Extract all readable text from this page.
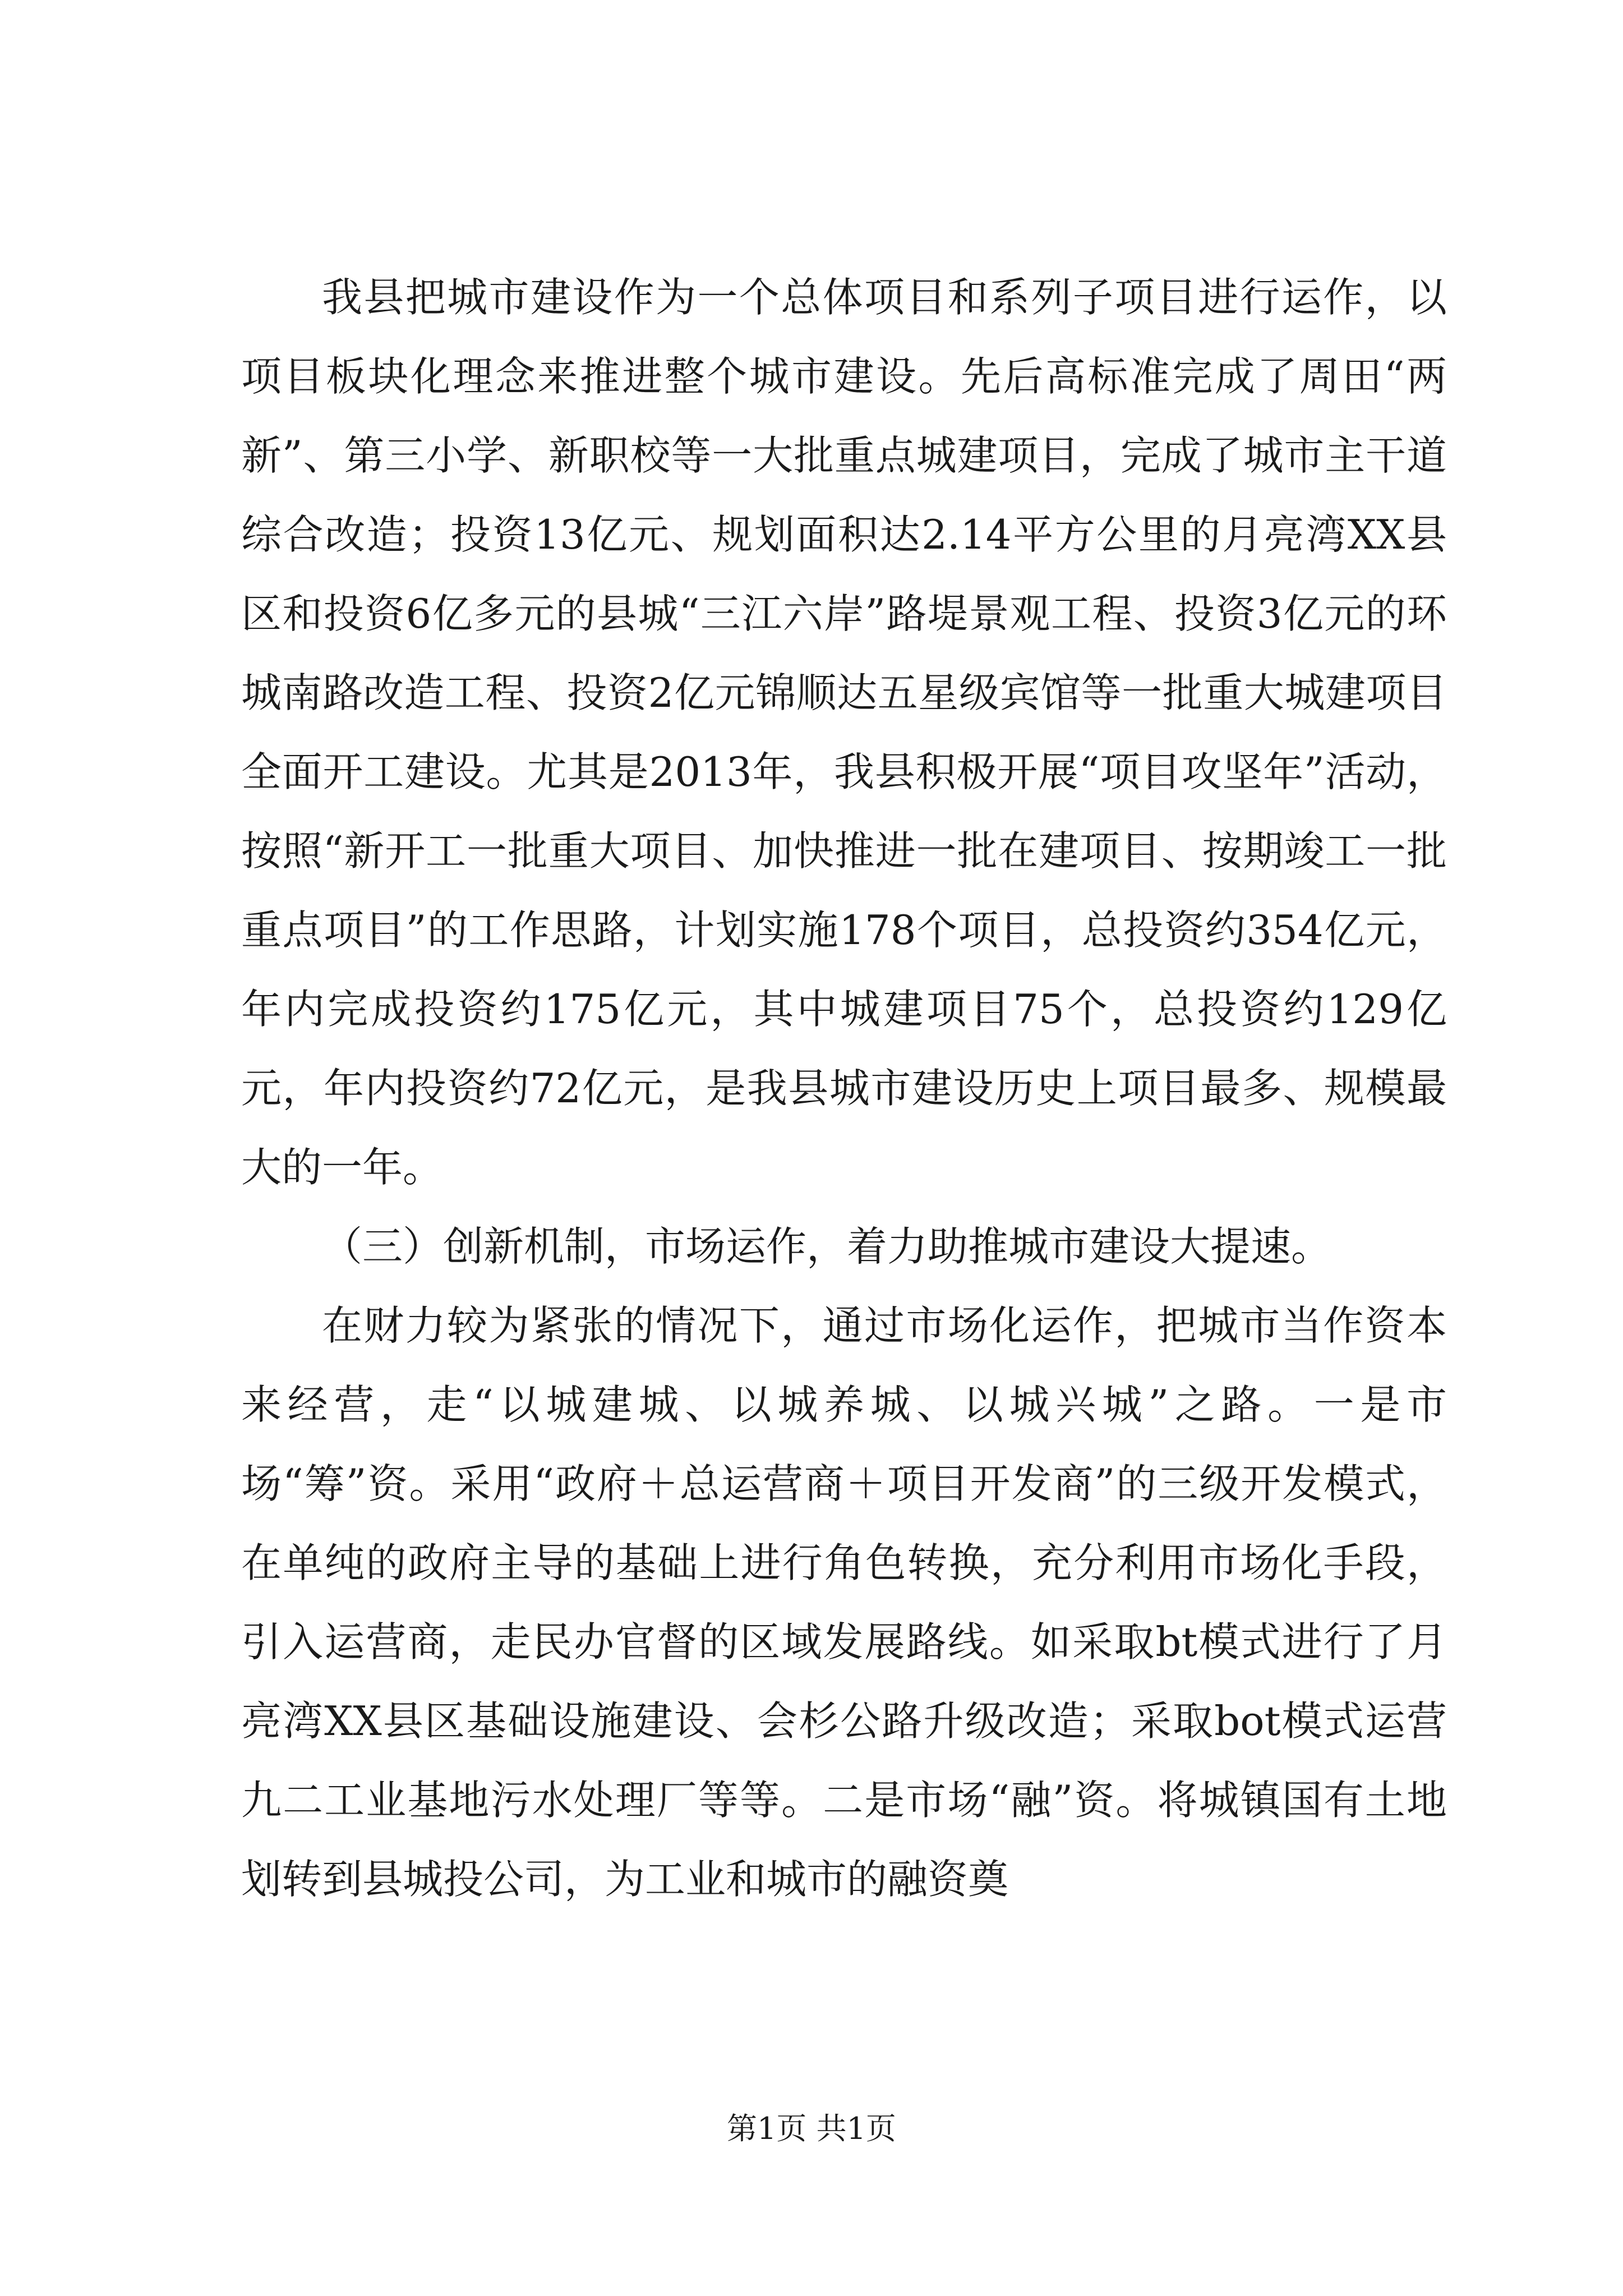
我县把城市建设作为一个总体项目和系列子项目进行运作，以项目板块化理念来推进整个城市建设。先后高标准完成了周田“两新”、第三小学、新职校等一大批重点城建项目，完成了城市主干道综合改造；投资13亿元、规划面积达2.14平方公里的月亮湾XX县区和投资6亿多元的县城“三江六岸”路堤景观工程、投资3亿元的环城南路改造工程、投资2亿元锦顺达五星级宾馆等一批重大城建项目全面开工建设。尤其是2013年，我县积极开展“项目攻坚年”活动，按照“新开工一批重大项目、加快推进一批在建项目、按期竣工一批重点项目”的工作思路，计划实施178个项目，总投资约354亿元，年内完成投资约175亿元，其中城建项目75个，总投资约129亿元，年内投资约72亿元，是我县城市建设历史上项目最多、规模最大的一年。

（三）创新机制，市场运作，着力助推城市建设大提速。

在财力较为紧张的情况下，通过市场化运作，把城市当作资本来经营，走“以城建城、以城养城、以城兴城”之路。一是市场“筹”资。采用“政府＋总运营商＋项目开发商”的三级开发模式，在单纯的政府主导的基础上进行角色转换，充分利用市场化手段，引入运营商，走民办官督的区域发展路线。如采取bt模式进行了月亮湾XX县区基础设施建设、会杉公路升级改造；采取bot模式运营九二工业基地污水处理厂等等。二是市场“融”资。将城镇国有土地划转到县城投公司，为工业和城市的融资奠

第1页 共1页
